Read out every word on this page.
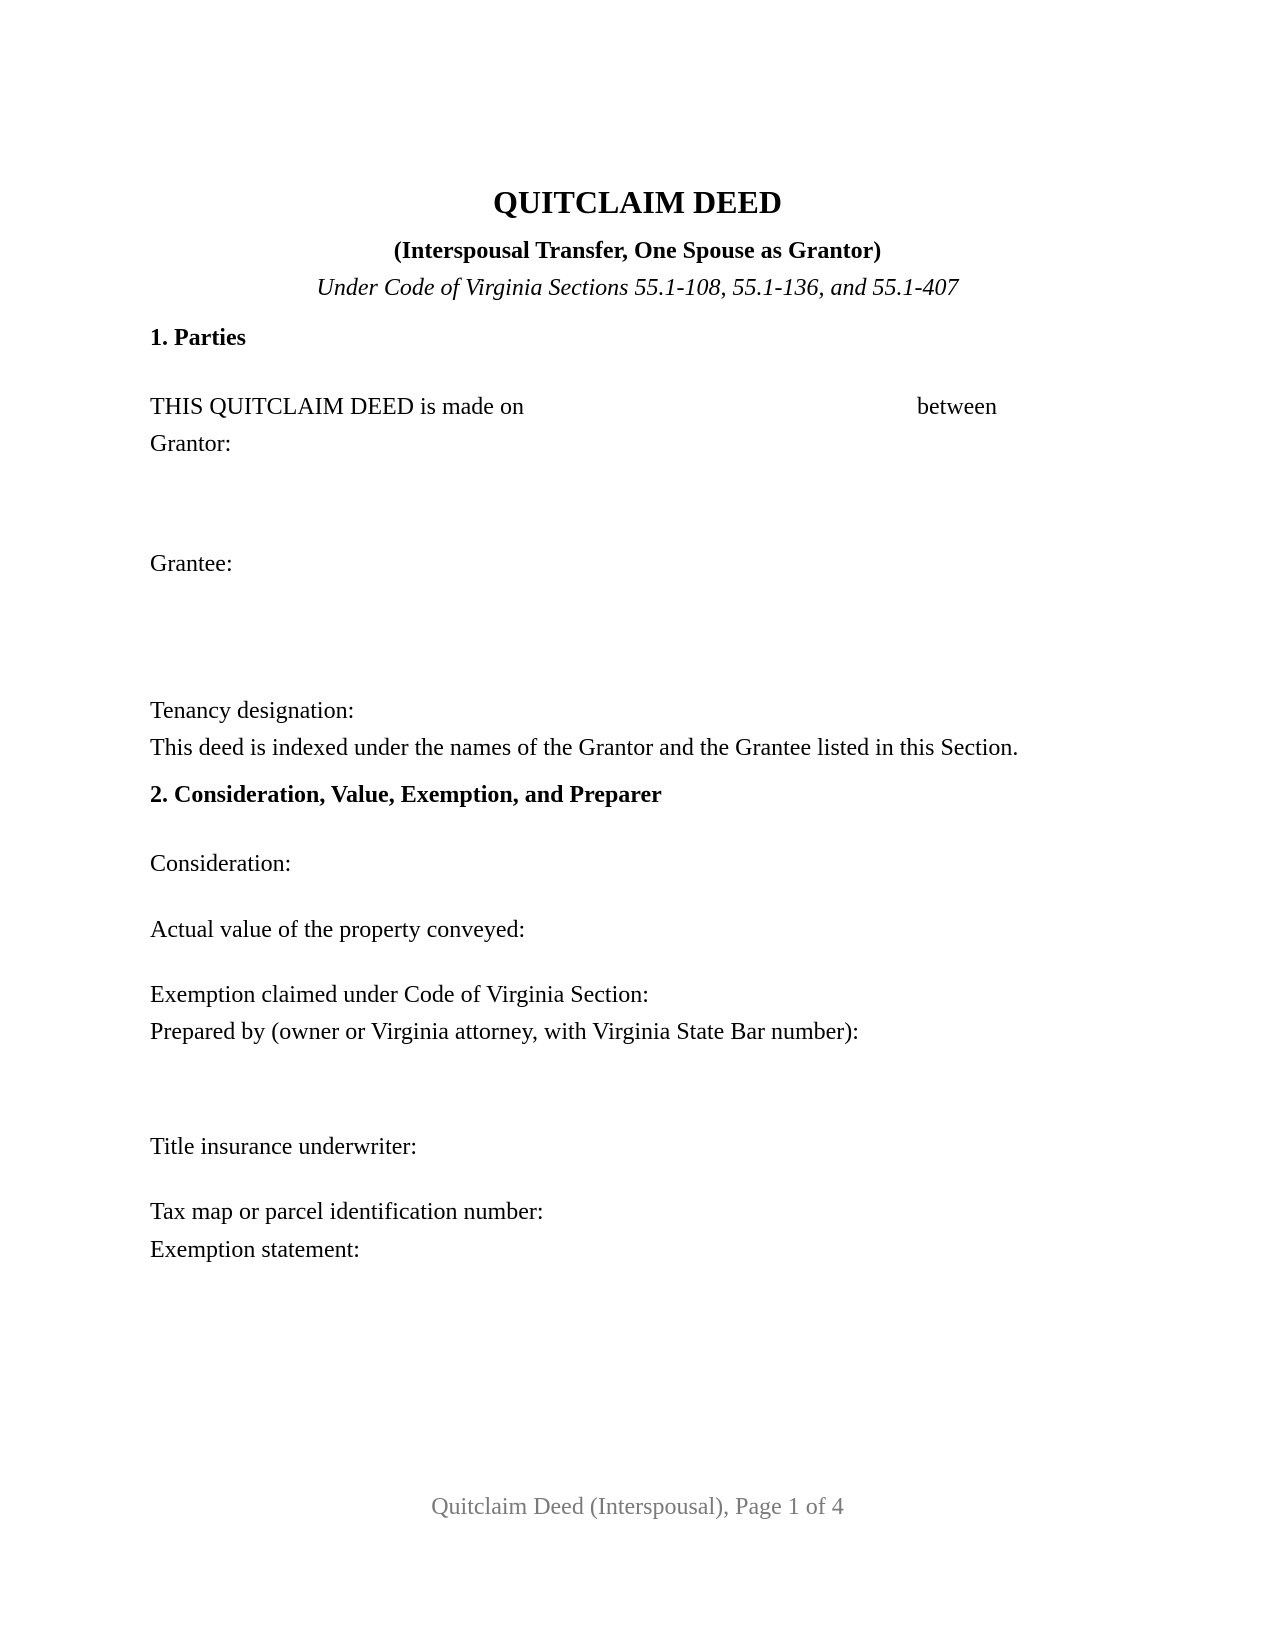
QUITCLAIM DEED
(Interspousal Transfer, One Spouse as Grantor)
Under Code of Virginia Sections 55.1-108, 55.1-136, and 55.1-407
1. Parties
THIS QUITCLAIM DEED is made on	between
Grantor:
Grantee:
Tenancy designation:
This deed is indexed under the names of the Grantor and the Grantee listed in this Section.
2. Consideration, Value, Exemption, and Preparer
Consideration:
Actual value of the property conveyed:
Exemption claimed under Code of Virginia Section:
Prepared by (owner or Virginia attorney, with Virginia State Bar number):
Title insurance underwriter:
Tax map or parcel identification number:
Exemption statement:
Quitclaim Deed (Interspousal), Page 1 of 4
